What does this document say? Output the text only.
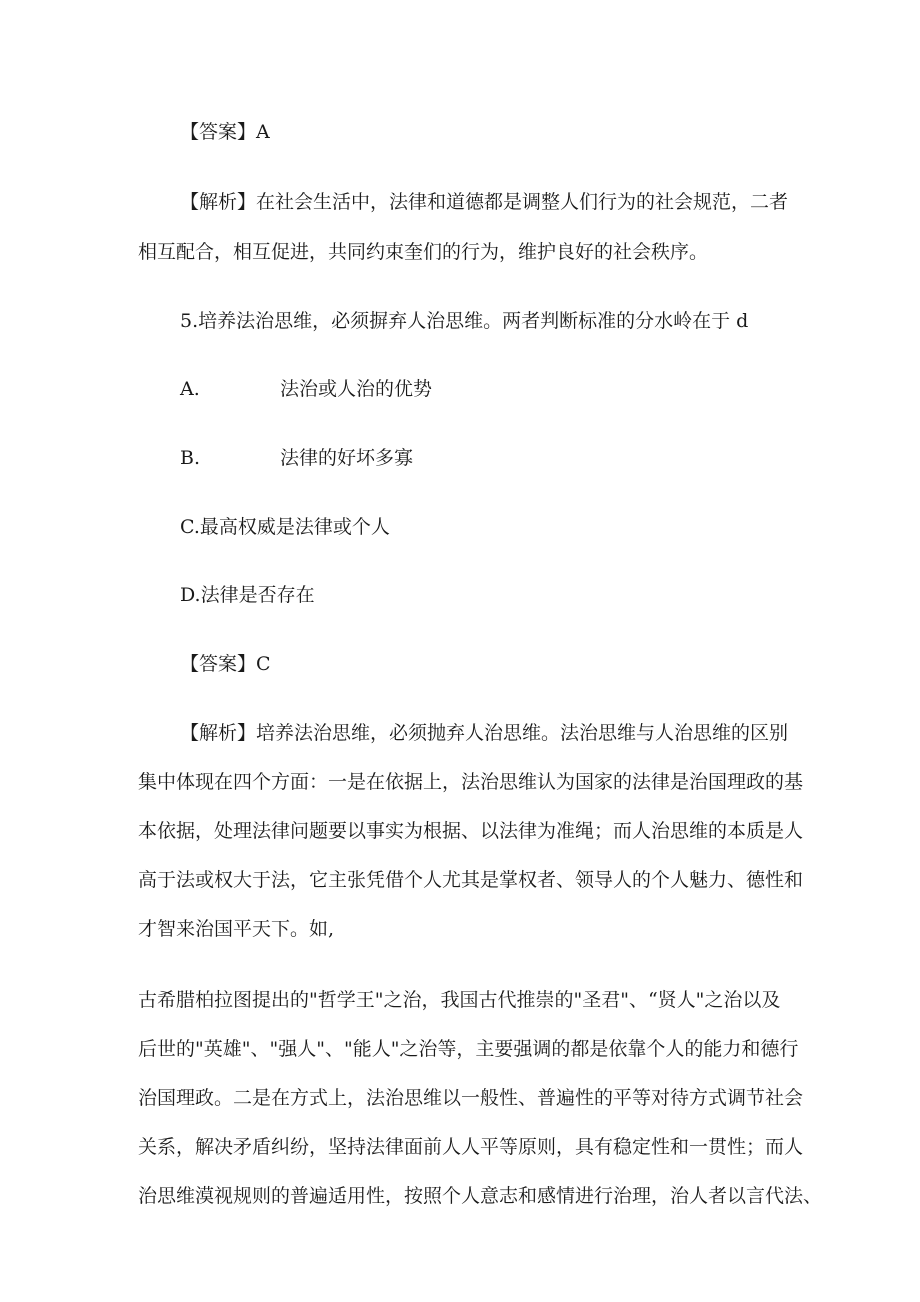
【答案】A
【解析】在社会生活中，法律和道德都是调整人们行为的社会规范，二者
相互配合，相互促进，共同约束奎们的行为，维护良好的社会秩序。
5.培养法治思维，必须摒弃人治思维。两者判断标准的分水岭在于 d
A.	法治或人治的优势
B.	法律的好坏多寡
C.最高权威是法律或个人
D.法律是否存在
【答案】C
【解析】培养法治思维，必须抛弃人治思维。法治思维与人治思维的区别
集中体现在四个方面：一是在依据上，法治思维认为国家的法律是治国理政的基
本依据，处理法律问题要以事实为根据、以法律为准绳；而人治思维的本质是人
高于法或权大于法，它主张凭借个人尤其是掌权者、领导人的个人魅力、德性和
才智来治国平天下。如,
古希腊柏拉图提出的"哲学王"之治，我国古代推崇的"圣君"、“贤人"之治以及
后世的"英雄"、"强人"、"能人"之治等，主要强调的都是依靠个人的能力和德行
治国理政。二是在方式上，法治思维以一般性、普遍性的平等对待方式调节社会
关系，解决矛盾纠纷，坚持法律面前人人平等原则，具有稳定性和一贯性；而人
治思维漠视规则的普遍适用性，按照个人意志和感情进行治理，治人者以言代法、
